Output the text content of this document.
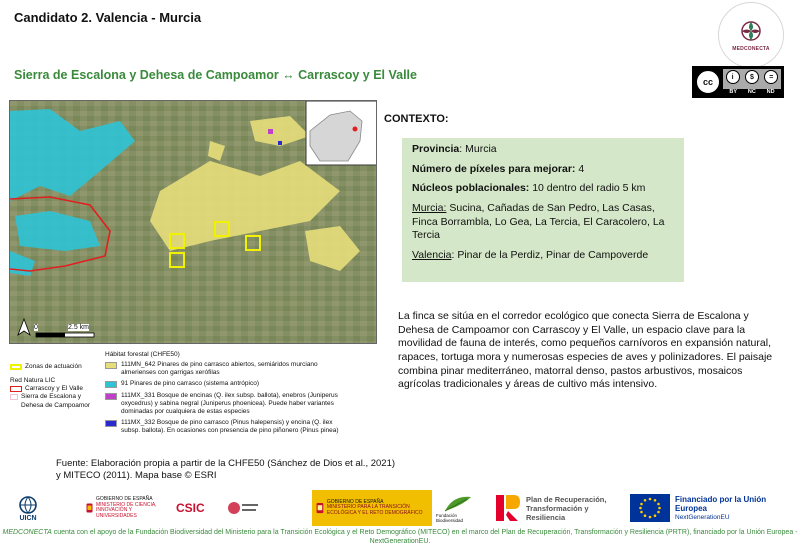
Candidato 2. Valencia - Murcia
MEDCONECTA
Sierra de Escalona y Dehesa de Campoamor ↔ Carrascoy y El Valle	cc	i	$	=
BY NC ND
0	2.5 km
Zonas de actuación
Red Natura LIC
Carrascoy y El Valle
Sierra de Escalona y Dehesa de Campoamor
Hábitat forestal (CHFE50)
111MN_642 Pinares de pino carrasco abiertos, semiáridos murciano almerienses con garrigas xerófilas
91 Pinares de pino carrasco (sistema antrópico)
111MX_331 Bosque de encinas (Q. ilex subsp. ballota), enebros (Juniperus oxycedrus) y sabina negral (Juniperus phoenicea). Puede haber variantes dominadas por cualquiera de estas especies
111MX_332 Bosque de pino carrasco (Pinus halepensis) y encina (Q. ilex subsp. ballota). En ocasiones con presencia de pino piñonero (Pinus pinea)
CONTEXTO:

Provincia: Murcia

Número de píxeles para mejorar: 4

Núcleos poblacionales: 10 dentro del radio 5 km

Murcia: Sucina, Cañadas de San Pedro, Las Casas, Finca Borrambla, Lo Gea, La Tercia, El Caracolero, La Tercia

Valencia: Pinar de la Perdiz, Pinar de Campoverde

La finca se sitúa en el corredor ecológico que conecta Sierra de Escalona y Dehesa de Campoamor con Carrascoy y El Valle, un espacio clave para la movilidad de fauna de interés, como pequeños carnívoros en expansión natural, rapaces, tortuga mora y numerosas especies de aves y polinizadores. El paisaje combina pinar mediterráneo, matorral denso, pastos arbustivos, mosaicos agrícolas tradicionales y áreas de cultivo más intensivo.
Fuente: Elaboración propia a partir de la CHFE50 (Sánchez de Dios et al., 2021) y MITECO (2011). Mapa base © ESRI
UICN
GOBIERNO DE ESPAÑA
MINISTERIO DE CIENCIA, INNOVACIÓN Y UNIVERSIDADES
CSIC	GOBIERNO DE ESPAÑA
MINISTERIO PARA LA TRANSICIÓN ECOLÓGICA Y EL RETO DEMOGRÁFICO	Fundación Biodiversidad
Plan de Recuperación, Transformación y Resiliencia
Financiado por la Unión Europea
NextGenerationEU
MEDCONECTA cuenta con el apoyo de la Fundación Biodiversidad del Ministerio para la Transición Ecológica y el Reto Demográfico (MITECO) en el marco del Plan de Recuperación, Transformación y Resiliencia (PRTR), financiado por la Unión Europea - NextGenerationEU.
